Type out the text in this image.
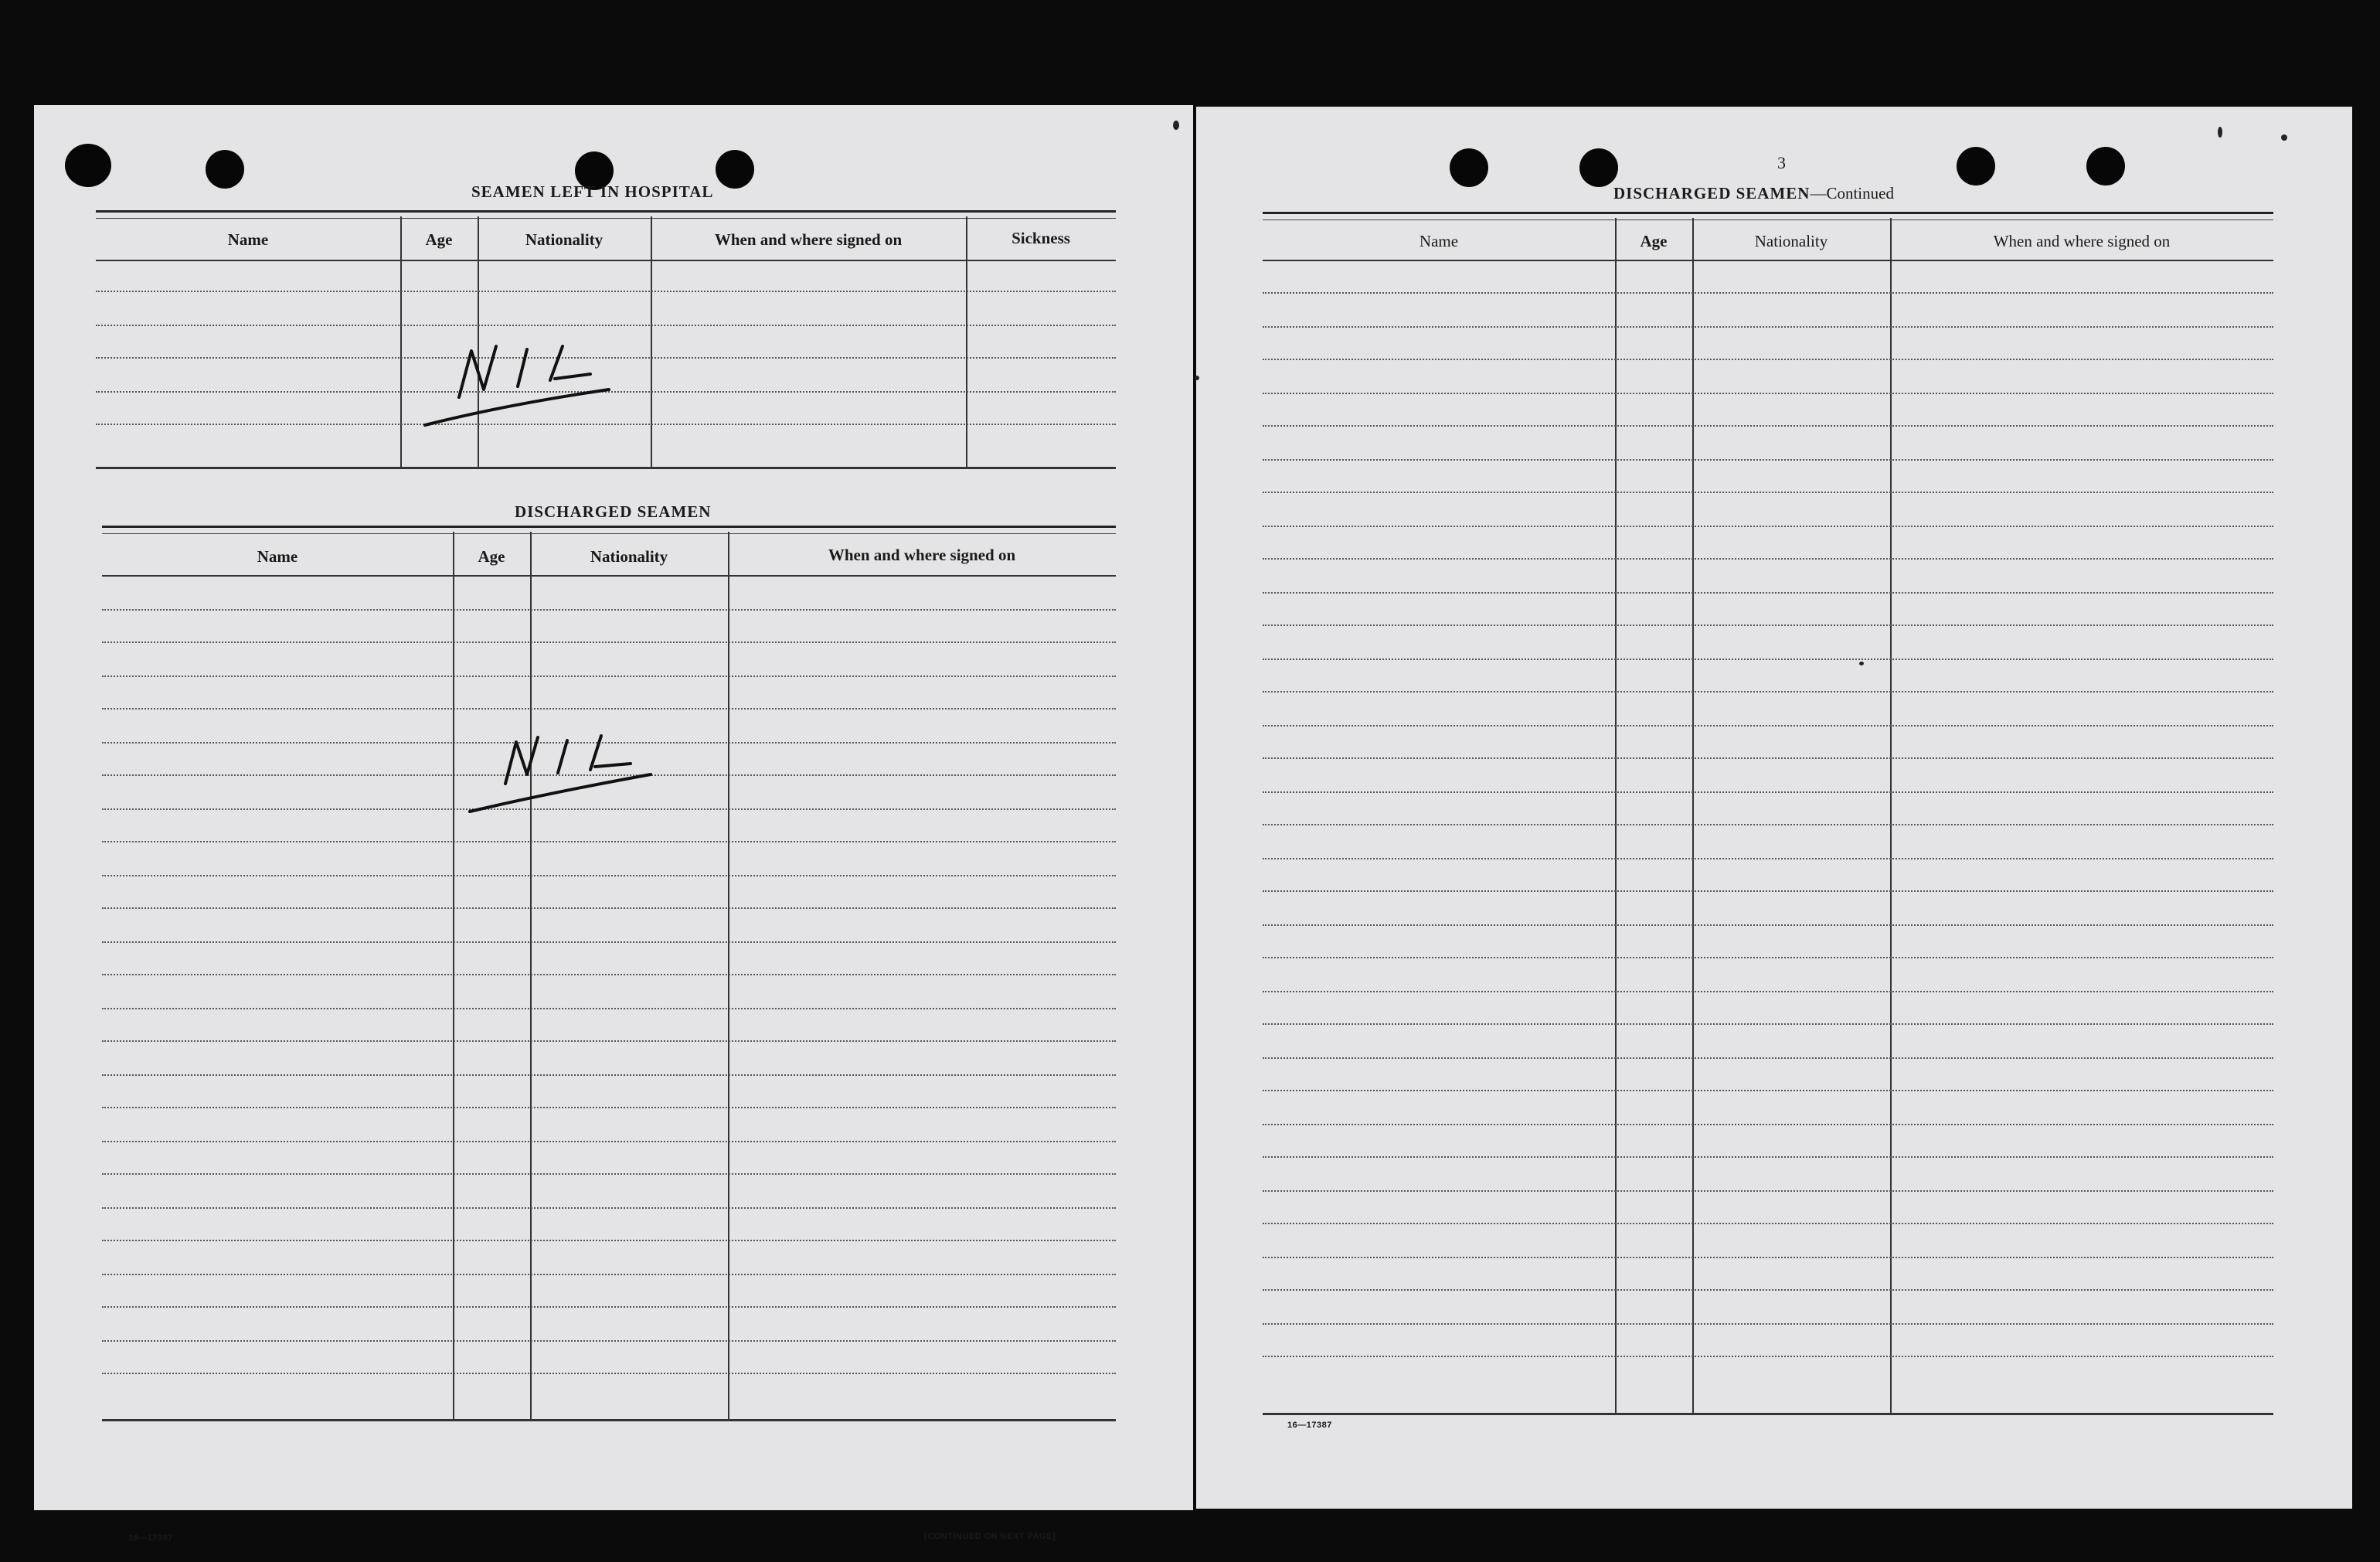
SEAMEN LEFT IN HOSPITAL
Name	Age	Nationality	When and where signed on	Sickness
DISCHARGED SEAMEN
Name	Age	Nationality	When and where signed on
16—17387	[CONTINUED ON NEXT PAGE]
3
DISCHARGED SEAMEN—Continued
Name	Age	Nationality	When and where signed on
16—17387
